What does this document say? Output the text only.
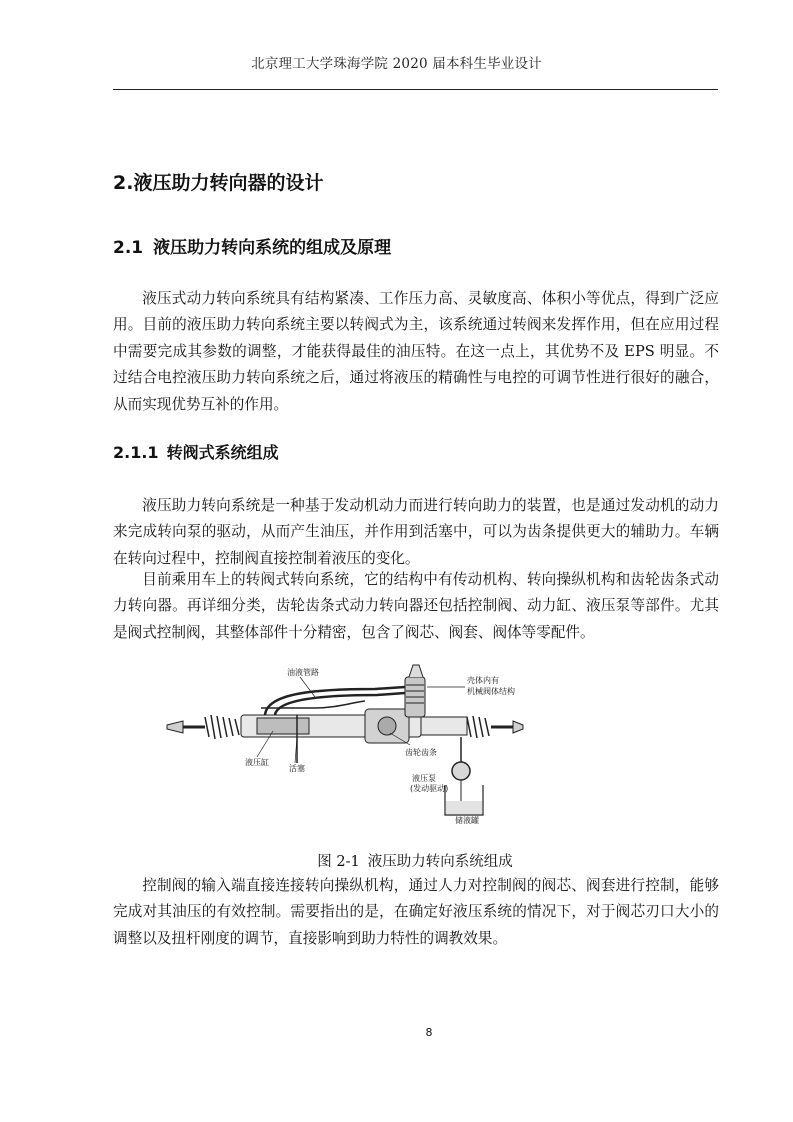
北京理工大学珠海学院 2020 届本科生毕业设计
2.液压助力转向器的设计
2.1 液压助力转向系统的组成及原理

液压式动力转向系统具有结构紧凑、工作压力高、灵敏度高、体积小等优点，得到广泛应用。目前的液压助力转向系统主要以转阀式为主，该系统通过转阀来发挥作用，但在应用过程中需要完成其参数的调整，才能获得最佳的油压特。在这一点上，其优势不及 EPS 明显。不过结合电控液压助力转向系统之后，通过将液压的精确性与电控的可调节性进行很好的融合，从而实现优势互补的作用。

2.1.1 转阀式系统组成

液压助力转向系统是一种基于发动机动力而进行转向助力的装置，也是通过发动机的动力来完成转向泵的驱动，从而产生油压，并作用到活塞中，可以为齿条提供更大的辅助力。车辆在转向过程中，控制阀直接控制着液压的变化。

目前乘用车上的转阀式转向系统，它的结构中有传动机构、转向操纵机构和齿轮齿条式动力转向器。再详细分类，齿轮齿条式动力转向器还包括控制阀、动力缸、液压泵等部件。尤其是阀式控制阀，其整体部件十分精密，包含了阀芯、阀套、阀体等零配件。

油液管路
壳体内有
机械阀体结构
液压缸
活塞
齿轮齿条
液压泵
(发动驱动)
储液罐
图 2-1 液压助力转向系统组成

控制阀的输入端直接连接转向操纵机构，通过人力对控制阀的阀芯、阀套进行控制，能够完成对其油压的有效控制。需要指出的是，在确定好液压系统的情况下，对于阀芯刃口大小的调整以及扭杆刚度的调节，直接影响到助力特性的调教效果。

8
